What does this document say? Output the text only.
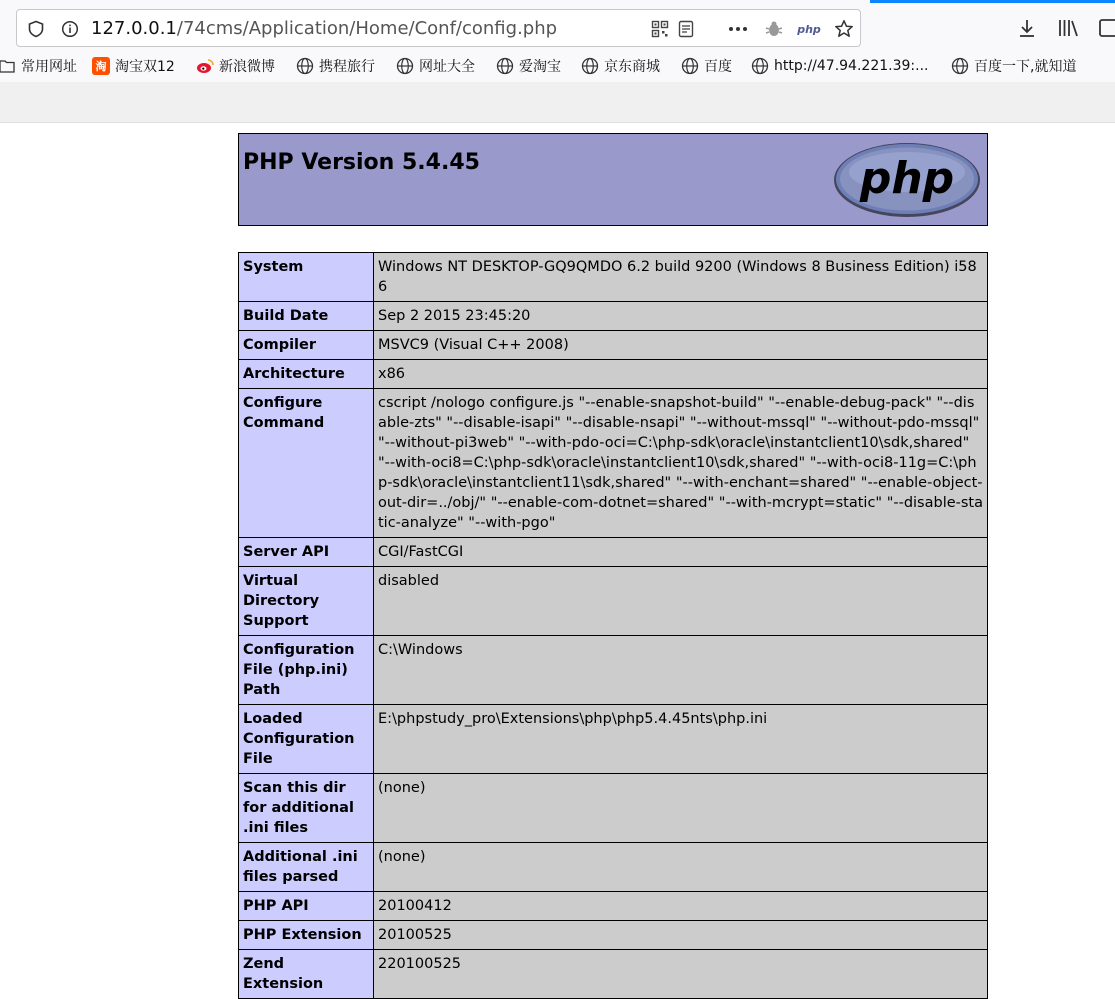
127.0.0.1/74cms/Application/Home/Conf/config.php	php
常用网址	淘 淘宝双12	新浪微博	携程旅行	网址大全	爱淘宝	京东商城	百度	http://47.94.221.39:...	百度一下,就知道
PHP Version 5.4.45	php
System	Windows NT DESKTOP-GQ9QMDO 6.2 build 9200 (Windows 8 Business Edition) i586
Build Date	Sep 2 2015 23:45:20
Compiler	MSVC9 (Visual C++ 2008)
Architecture	x86
Configure Command	cscript /nologo configure.js "--enable-snapshot-build" "--enable-debug-pack" "--disable-zts" "--disable-isapi" "--disable-nsapi" "--without-mssql" "--without-pdo-mssql" "--without-pi3web" "--with-pdo-oci=C:\php-sdk\oracle\instantclient10\sdk,shared" "--with-oci8=C:\php-sdk\oracle\instantclient10\sdk,shared" "--with-oci8-11g=C:\php-sdk\oracle\instantclient11\sdk,shared" "--with-enchant=shared" "--enable-object-out-dir=../obj/" "--enable-com-dotnet=shared" "--with-mcrypt=static" "--disable-static-analyze" "--with-pgo"
Server API	CGI/FastCGI
Virtual Directory Support	disabled
Configuration File (php.ini) Path	C:\Windows
Loaded Configuration File	E:\phpstudy_pro\Extensions\php\php5.4.45nts\php.ini
Scan this dir for additional .ini files	(none)
Additional .ini files parsed	(none)
PHP API	20100412
PHP Extension	20100525
Zend Extension	220100525
